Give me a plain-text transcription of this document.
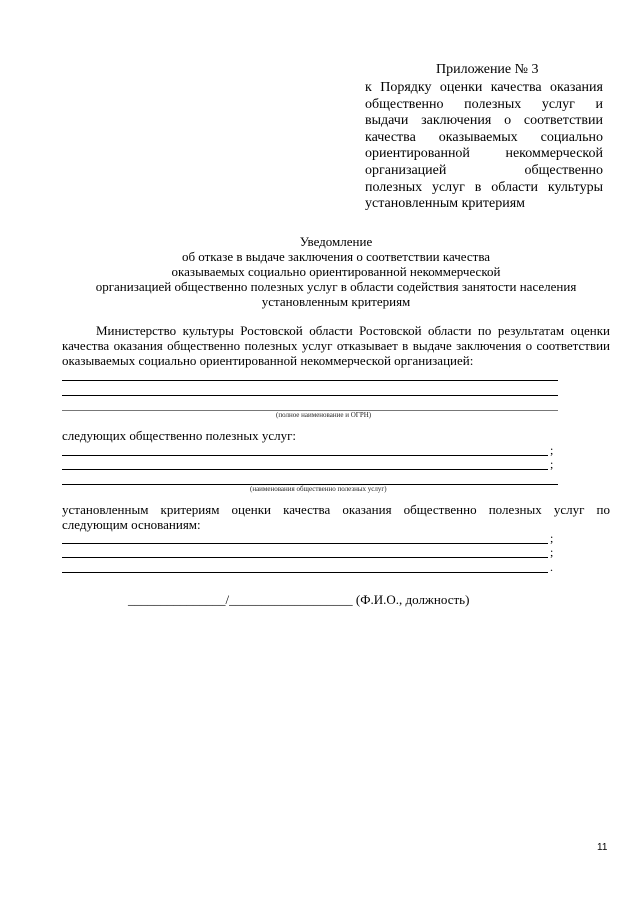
Приложение № 3
к Порядку оценки качества оказания
общественно полезных услуг и
выдачи заключения о соответствии
качества оказываемых социально
ориентированной некоммерческой
организацией общественно
полезных услуг в области культуры
установленным критериям
Уведомление
об отказе в выдаче заключения о соответствии качества
оказываемых социально ориентированной некоммерческой
организацией общественно полезных услуг в области содействия занятости населения
установленным критериям
Министерство культуры Ростовской области Ростовской области по результатам оценки
качества оказания общественно полезных услуг отказывает в выдаче заключения о соответствии
оказываемых социально ориентированной некоммерческой организацией:
(полное наименование и ОГРН)
следующих общественно полезных услуг:
;
;
(наименования общественно полезных услуг)
установленным критериям оценки качества оказания общественно полезных услуг по
следующим основаниям:
;
;
.
_______________/___________________ (Ф.И.О., должность)
11
